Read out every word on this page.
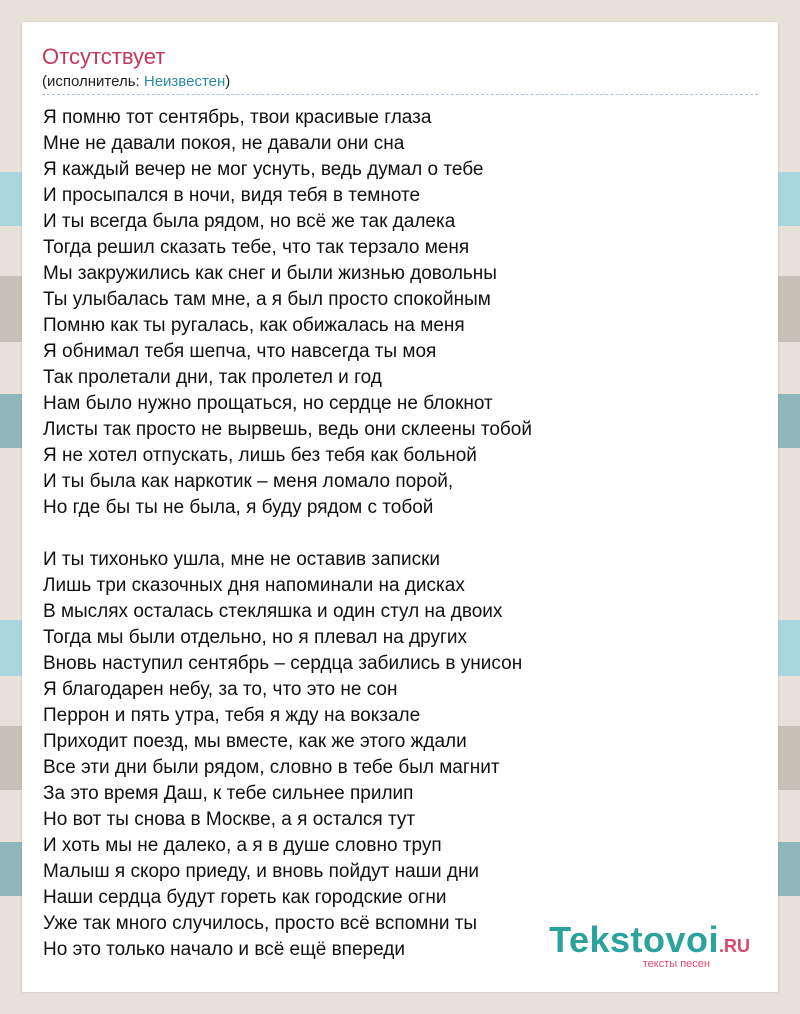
Отсутствует
(исполнитель: Неизвестен)
Я помню тот сентябрь, твои красивые глаза
Мне не давали покоя, не давали они сна
Я каждый вечер не мог уснуть, ведь думал о тебе
И просыпался в ночи, видя тебя в темноте
И ты всегда была рядом, но всё же так далека
Тогда решил сказать тебе, что так терзало меня
Мы закружились как снег и были жизнью довольны
Ты улыбалась там мне, а я был просто спокойным
Помню как ты ругалась, как обижалась на меня
Я обнимал тебя шепча, что навсегда ты моя
Так пролетали дни, так пролетел и год
Нам было нужно прощаться, но сердце не блокнот
Листы так просто не вырвешь, ведь они склеены тобой
Я не хотел отпускать, лишь без тебя как больной
И ты была как наркотик – меня ломало порой,
Но где бы ты не была, я буду рядом с тобой
И ты тихонько ушла, мне не оставив записки
Лишь три сказочных дня напоминали на дисках
В мыслях осталась стекляшка и один стул на двоих
Тогда мы были отдельно, но я плевал на других
Вновь наступил сентябрь – сердца забились в унисон
Я благодарен небу, за то, что это не сон
Перрон и пять утра, тебя я жду на вокзале
Приходит поезд, мы вместе, как же этого ждали
Все эти дни были рядом, словно в тебе был магнит
За это время Даш, к тебе сильнее прилип
Но вот ты снова в Москве, а я остался тут
И хоть мы не далеко, а я в душе словно труп
Малыш я скоро приеду, и вновь пойдут наши дни
Наши сердца будут гореть как городские огни
Уже так много случилось, просто всё вспомни ты
Но это только начало и всё ещё впереди	Tekstovoi.RU
тексты песен
